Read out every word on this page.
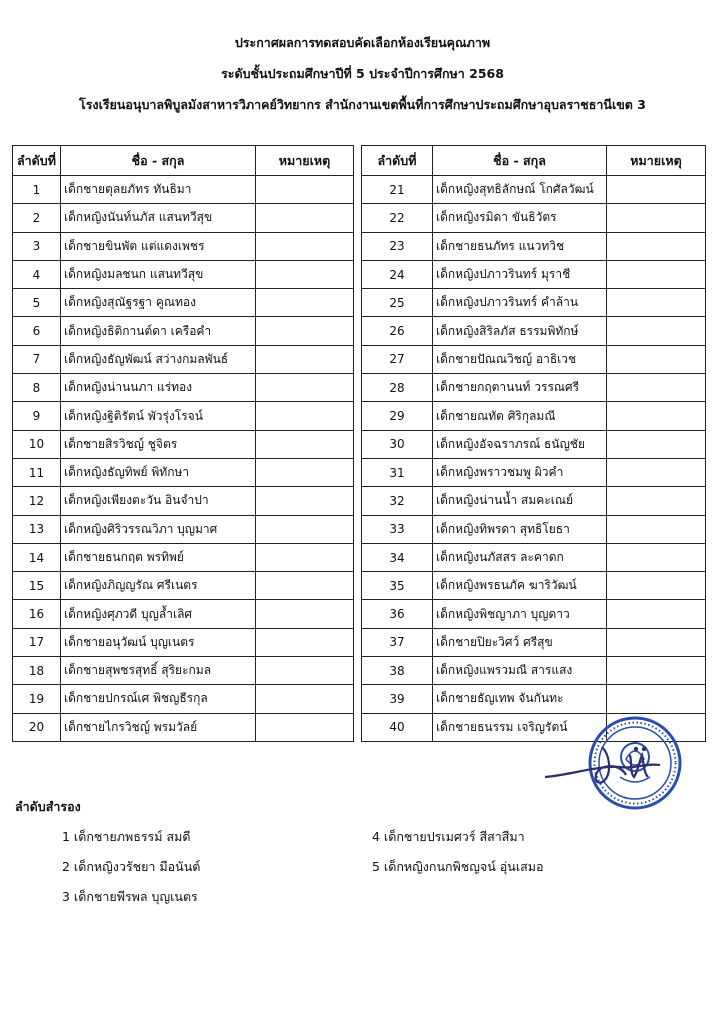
ประกาศผลการทดสอบคัดเลือกห้องเรียนคุณภาพ
ระดับชั้นประถมศึกษาปีที่ 5 ประจำปีการศึกษา 2568
โรงเรียนอนุบาลพิบูลมังสาหารวิภาคย์วิทยากร สำนักงานเขตพื้นที่การศึกษาประถมศึกษาอุบลราชธานีเขต 3
ลำดับที่	ชื่อ - สกุล	หมายเหตุ
1	เด็กชายตุลยภัทร ทันธิมา	
2	เด็กหญิงนันท์นภัส แสนทวีสุข	
3	เด็กชายขินพัต แต่แดงเพชร	
4	เด็กหญิงมลชนก แสนทวีสุข	
5	เด็กหญิงสุณัฐรฐา คูณทอง	
6	เด็กหญิงธิติกานต์ดา เครือคำ	
7	เด็กหญิงธัญพัฒน์ สว่างกมลพันธ์	
8	เด็กหญิงน่านนภา แร่ทอง	
9	เด็กหญิงฐิติรัตน์ พัวรุ่งโรจน์	
10	เด็กชายสิรวิชญ์ ชูจิตร	
11	เด็กหญิงธัญทิพย์ พิทักษา	
12	เด็กหญิงเพียงตะวัน อินจำปา	
13	เด็กหญิงศิริวรรณวิภา บุญมาศ	
14	เด็กชายธนกฤต พรทิพย์	
15	เด็กหญิงภิญญรัณ ศรีเนตร	
16	เด็กหญิงศุภวดี บุญล้ำเลิศ	
17	เด็กชายอนุวัฒน์ บุญเนตร	
18	เด็กชายสุพชรสุทธิ์ สุริยะกมล	
19	เด็กชายปกรณ์เศ พิชญธีรกุล	
20	เด็กชายไกรวิชญ์ พรมวัลย์	
ลำดับที่	ชื่อ - สกุล	หมายเหตุ
21	เด็กหญิงสุทธิลักษณ์ โกศัลวัฒน์	
22	เด็กหญิงรมิดา ขันธิวัตร	
23	เด็กชายธนภัทร แนวทวิช	
24	เด็กหญิงปภาวรินทร์ มุราชี	
25	เด็กหญิงปภาวรินทร์ คำล้าน	
26	เด็กหญิงสิริลภัส ธรรมพิทักษ์	
27	เด็กชายปัณณวิชญ์ อาธิเวช	
28	เด็กชายกฤตานนท์ วรรณศรี	
29	เด็กชายณทัต ศิริกุลมณี	
30	เด็กหญิงอัจฉราภรณ์ ธนัญชัย	
31	เด็กหญิงพราวชมพู ผิวคำ	
32	เด็กหญิงน่านน้ำ สมคะเณย์	
33	เด็กหญิงทิพรดา สุทธิโยธา	
34	เด็กหญิงนภัสสร ละคาดก	
35	เด็กหญิงพรธนภัค ฆาริวัฒน์	
36	เด็กหญิงพิชญาภา บุญดาว	
37	เด็กชายปิยะวิศว์ ศรีสุข	
38	เด็กหญิงแพรวมณี สารแสง	
39	เด็กชายธัญเทพ จันกันทะ	
40	เด็กชายธนรรม เจริญรัตน์	
ลำดับสำรอง
1 เด็กชายภพธรรม์ สมดี
2 เด็กหญิงวรัชยา มีอนันต์
3 เด็กชายพีรพล บุญเนตร
4 เด็กชายปรเมศวร์ สีสาสีมา
5 เด็กหญิงกนกพิชญจน์ อุ่นเสมอ
